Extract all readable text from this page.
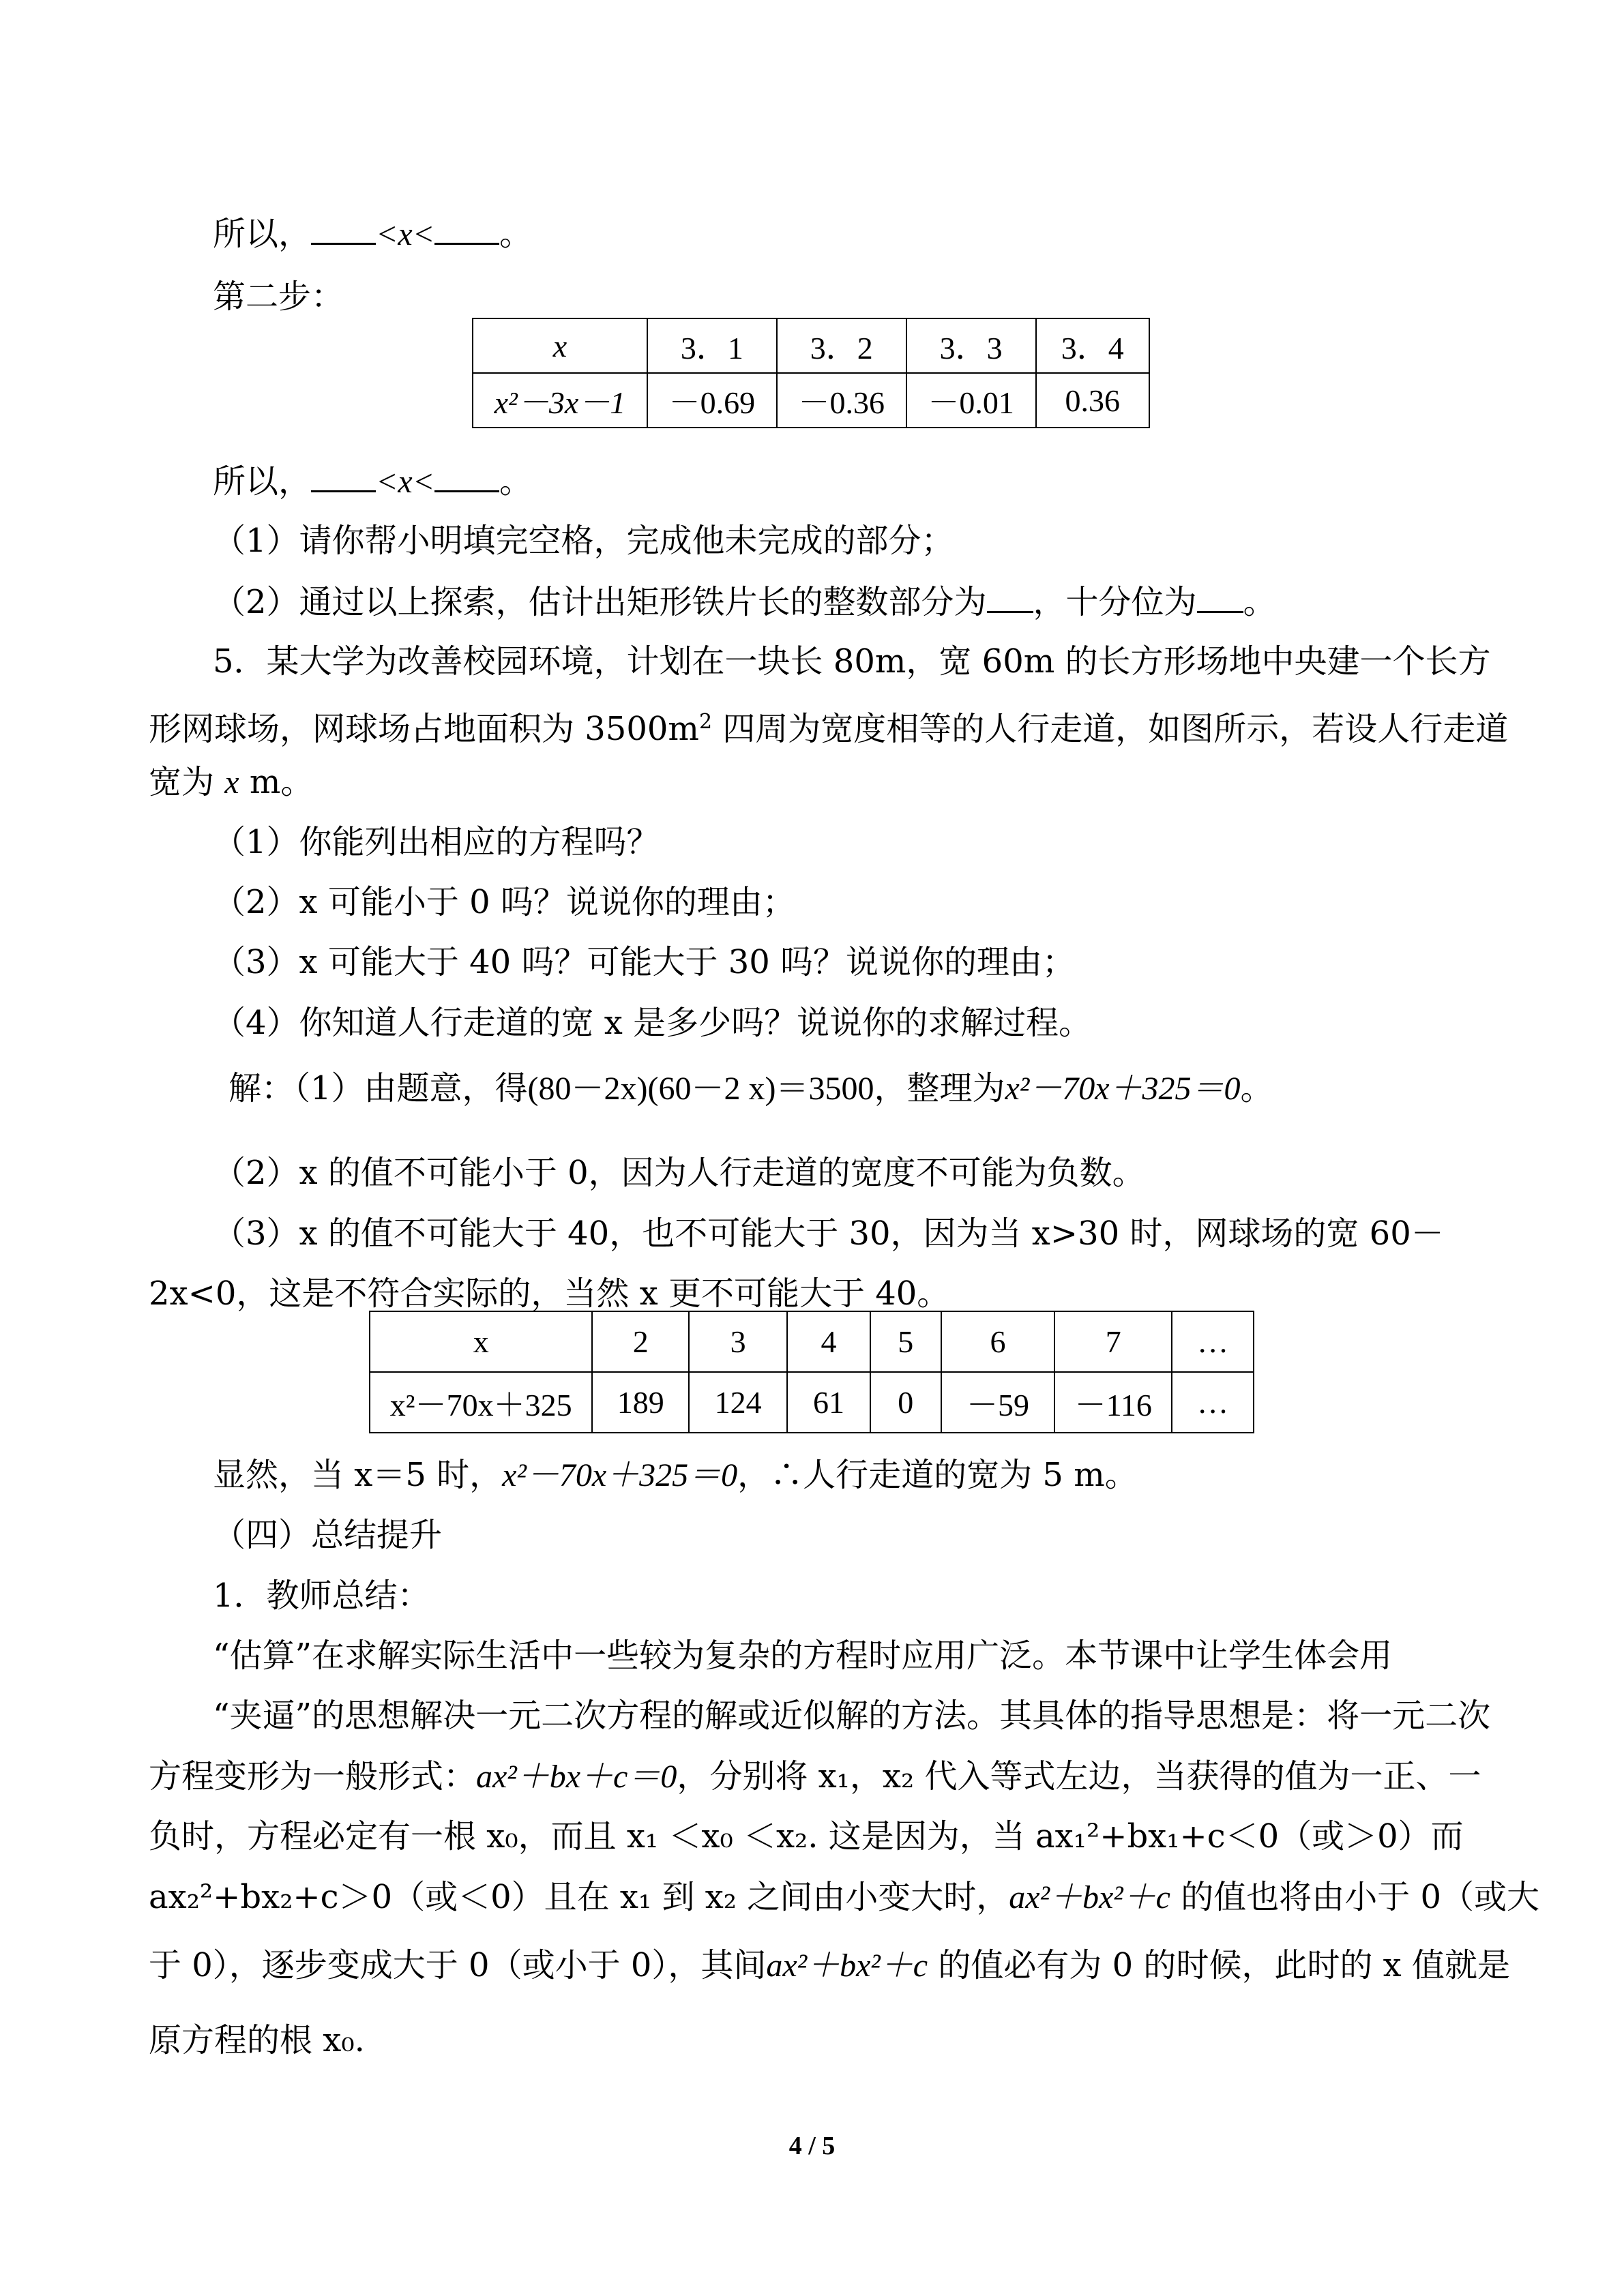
所以， <x< 。
第二步：
x	3．1	3．2	3．3	3．4
x²－3x－1	－0.69	－0.36	－0.01	0.36
所以， <x< 。
（1）请你帮小明填完空格，完成他未完成的部分；
（2）通过以上探索，估计出矩形铁片长的整数部分为 ，十分位为 。
5．某大学为改善校园环境，计划在一块长 80m，宽 60m 的长方形场地中央建一个长方
形网球场，网球场占地面积为 $3500m^2$ 四周为宽度相等的人行走道，如图所示，若设人行走道
宽为 x m。
（1）你能列出相应的方程吗？
（2）x 可能小于 0 吗？说说你的理由；
（3）x 可能大于 40 吗？可能大于 30 吗？说说你的理由；
（4）你知道人行走道的宽 x 是多少吗？说说你的求解过程。
解：（1）由题意，得(80－2x)(60－2 x)＝3500，整理为x²－70x＋325＝0。
（2）x 的值不可能小于 0，因为人行走道的宽度不可能为负数。
（3）x 的值不可能大于 40，也不可能大于 30，因为当 x>30 时，网球场的宽 60－
2x<0，这是不符合实际的，当然 x 更不可能大于 40。
x	2	3	4	5	6	7	…
x²－70x＋325	189	124	61	0	－59	－116	…
显然，当 x＝5 时，x²－70x＋325＝0，∴人行走道的宽为 5 m。
（四）总结提升
1．教师总结：
“估算”在求解实际生活中一些较为复杂的方程时应用广泛。本节课中让学生体会用
“夹逼”的思想解决一元二次方程的解或近似解的方法。其具体的指导思想是：将一元二次
方程变形为一般形式：ax²＋bx＋c＝0，分别将 x₁，x₂ 代入等式左边，当获得的值为一正、一
负时，方程必定有一根 x₀，而且 x₁ ＜x₀ ＜x₂. 这是因为，当 ax₁²+bx₁+c＜0（或＞0）而
ax₂²+bx₂+c＞0（或＜0）且在 x₁ 到 x₂ 之间由小变大时，ax²＋bx²＋c 的值也将由小于 0（或大
于 0），逐步变成大于 0（或小于 0），其间ax²＋bx²＋c 的值必有为 0 的时候，此时的 x 值就是
原方程的根 x₀.
4 / 5
